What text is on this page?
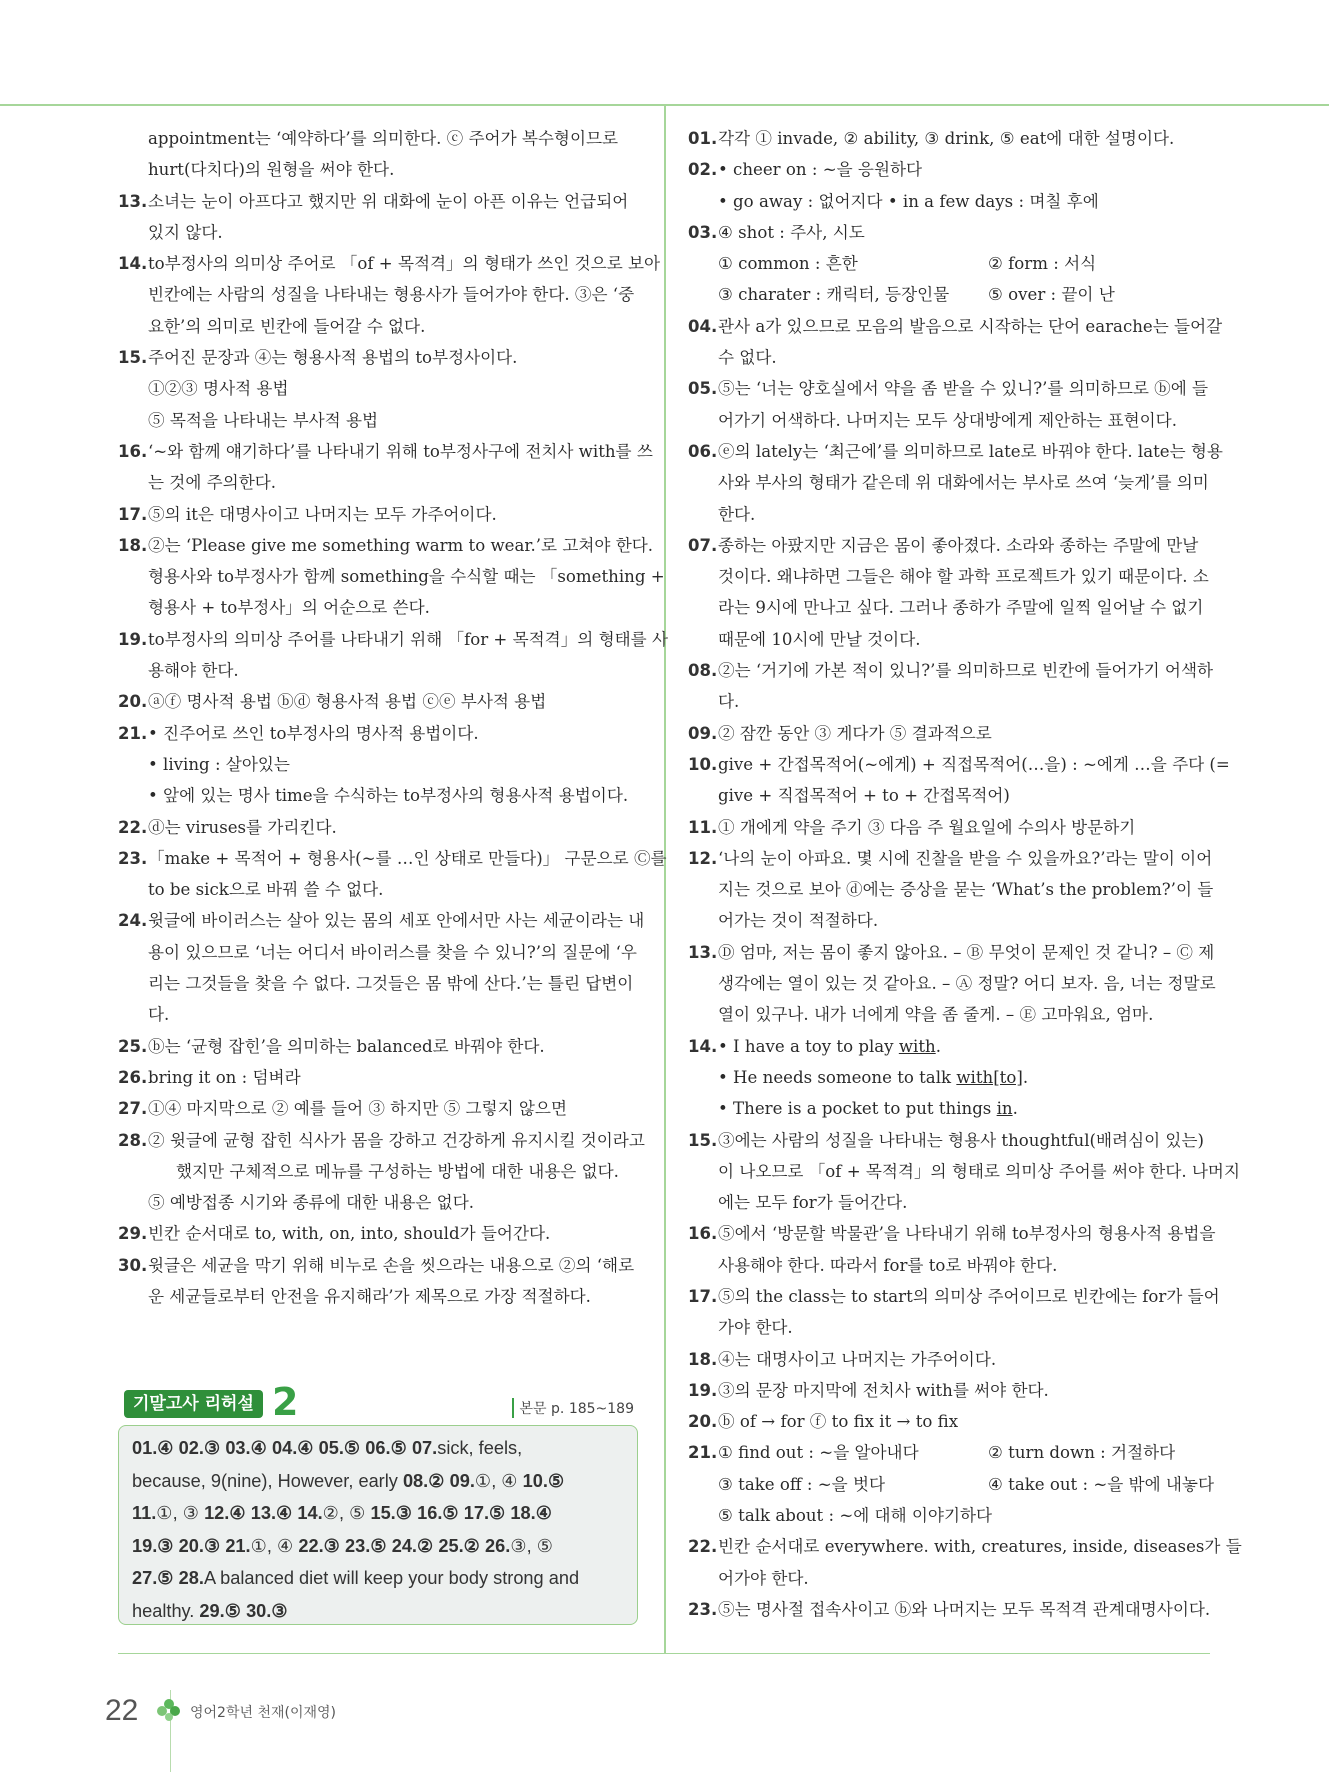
appointment는 ‘예약하다’를 의미한다. ⓒ 주어가 복수형이므로
hurt(다치다)의 원형을 써야 한다.
13. 소녀는 눈이 아프다고 했지만 위 대화에 눈이 아픈 이유는 언급되어
있지 않다.
14. to부정사의 의미상 주어로 「of + 목적격」의 형태가 쓰인 것으로 보아
빈칸에는 사람의 성질을 나타내는 형용사가 들어가야 한다. ③은 ‘중
요한’의 의미로 빈칸에 들어갈 수 없다.
15. 주어진 문장과 ④는 형용사적 용법의 to부정사이다.
①②③ 명사적 용법
⑤ 목적을 나타내는 부사적 용법
16. ‘~와 함께 얘기하다’를 나타내기 위해 to부정사구에 전치사 with를 쓰
는 것에 주의한다.
17. ⑤의 it은 대명사이고 나머지는 모두 가주어이다.
18. ②는 ‘Please give me something warm to wear.’로 고쳐야 한다.
형용사와 to부정사가 함께 something을 수식할 때는 「something +
형용사 + to부정사」의 어순으로 쓴다.
19. to부정사의 의미상 주어를 나타내기 위해 「for + 목적격」의 형태를 사
용해야 한다.
20. ⓐⓕ 명사적 용법 ⓑⓓ 형용사적 용법 ⓒⓔ 부사적 용법
21. • 진주어로 쓰인 to부정사의 명사적 용법이다.
• living : 살아있는
• 앞에 있는 명사 time을 수식하는 to부정사의 형용사적 용법이다.
22. ⓓ는 viruses를 가리킨다.
23. 「make + 목적어 + 형용사(~를 …인 상태로 만들다)」 구문으로 Ⓒ를
to be sick으로 바꿔 쓸 수 없다.
24. 윗글에 바이러스는 살아 있는 몸의 세포 안에서만 사는 세균이라는 내
용이 있으므로 ‘너는 어디서 바이러스를 찾을 수 있니?’의 질문에 ‘우
리는 그것들을 찾을 수 없다. 그것들은 몸 밖에 산다.’는 틀린 답변이
다.
25. ⓑ는 ‘균형 잡힌’을 의미하는 balanced로 바꿔야 한다.
26. bring it on : 덤벼라
27. ①④ 마지막으로 ② 예를 들어 ③ 하지만 ⑤ 그렇지 않으면
28. ② 윗글에 균형 잡힌 식사가 몸을 강하고 건강하게 유지시킬 것이라고
했지만 구체적으로 메뉴를 구성하는 방법에 대한 내용은 없다.
⑤ 예방접종 시기와 종류에 대한 내용은 없다.
29. 빈칸 순서대로 to, with, on, into, should가 들어간다.
30. 윗글은 세균을 막기 위해 비누로 손을 씻으라는 내용으로 ②의 ‘해로
운 세균들로부터 안전을 유지해라’가 제목으로 가장 적절하다.
01. 각각 ① invade, ② ability, ③ drink, ⑤ eat에 대한 설명이다.
02. • cheer on : ~을 응원하다
• go away : 없어지다 • in a few days : 며칠 후에
03. ④ shot : 주사, 시도
① common : 흔한	② form : 서식
③ charater : 캐릭터, 등장인물 ⑤ over : 끝이 난
04. 관사 a가 있으므로 모음의 발음으로 시작하는 단어 earache는 들어갈
수 없다.
05. ⑤는 ‘너는 양호실에서 약을 좀 받을 수 있니?’를 의미하므로 ⓑ에 들
어가기 어색하다. 나머지는 모두 상대방에게 제안하는 표현이다.
06. ⓔ의 lately는 ‘최근에’를 의미하므로 late로 바꿔야 한다. late는 형용
사와 부사의 형태가 같은데 위 대화에서는 부사로 쓰여 ‘늦게’를 의미
한다.
07. 종하는 아팠지만 지금은 몸이 좋아졌다. 소라와 종하는 주말에 만날
것이다. 왜냐하면 그들은 해야 할 과학 프로젝트가 있기 때문이다. 소
라는 9시에 만나고 싶다. 그러나 종하가 주말에 일찍 일어날 수 없기
때문에 10시에 만날 것이다.
08. ②는 ‘거기에 가본 적이 있니?’를 의미하므로 빈칸에 들어가기 어색하
다.
09. ② 잠깐 동안 ③ 게다가 ⑤ 결과적으로
10. give + 간접목적어(~에게) + 직접목적어(…을) : ~에게 …을 주다 (=
give + 직접목적어 + to + 간접목적어)
11. ① 개에게 약을 주기 ③ 다음 주 월요일에 수의사 방문하기
12. ‘나의 눈이 아파요. 몇 시에 진찰을 받을 수 있을까요?’라는 말이 이어
지는 것으로 보아 ⓓ에는 증상을 묻는 ‘What’s the problem?’이 들
어가는 것이 적절하다.
13. Ⓓ 엄마, 저는 몸이 좋지 않아요. – Ⓑ 무엇이 문제인 것 같니? – Ⓒ 제
생각에는 열이 있는 것 같아요. – Ⓐ 정말? 어디 보자. 음, 너는 정말로
열이 있구나. 내가 너에게 약을 좀 줄게. – Ⓔ 고마워요, 엄마.
14. • I have a toy to play with.
• He needs someone to talk with[to].
• There is a pocket to put things in.
15. ③에는 사람의 성질을 나타내는 형용사 thoughtful(배려심이 있는)
이 나오므로 「of + 목적격」의 형태로 의미상 주어를 써야 한다. 나머지
에는 모두 for가 들어간다.
16. ⑤에서 ‘방문할 박물관’을 나타내기 위해 to부정사의 형용사적 용법을
사용해야 한다. 따라서 for를 to로 바꿔야 한다.
17. ⑤의 the class는 to start의 의미상 주어이므로 빈칸에는 for가 들어
가야 한다.
18. ④는 대명사이고 나머지는 가주어이다.
19. ③의 문장 마지막에 전치사 with를 써야 한다.
20. ⓑ of → for ⓕ to fix it → to fix
21. ① find out : ~을 알아내다	② turn down : 거절하다
③ take off : ~을 벗다	④ take out : ~을 밖에 내놓다
⑤ talk about : ~에 대해 이야기하다
22. 빈칸 순서대로 everywhere. with, creatures, inside, diseases가 들
어가야 한다.
23. ⑤는 명사절 접속사이고 ⓑ와 나머지는 모두 목적격 관계대명사이다.
기말고사 리허설 2	본문 p. 185~189
01.④ 02.③ 03.④ 04.④ 05.⑤ 06.⑤ 07.sick, feels,
because, 9(nine), However, early 08.② 09.①, ④ 10.⑤
11.①, ③ 12.④ 13.④ 14.②, ⑤ 15.③ 16.⑤ 17.⑤ 18.④
19.③ 20.③ 21.①, ④ 22.③ 23.⑤ 24.② 25.② 26.③, ⑤
27.⑤ 28.A balanced diet will keep your body strong and
healthy. 29.⑤ 30.③
22	영어2학년 천재(이재영)
